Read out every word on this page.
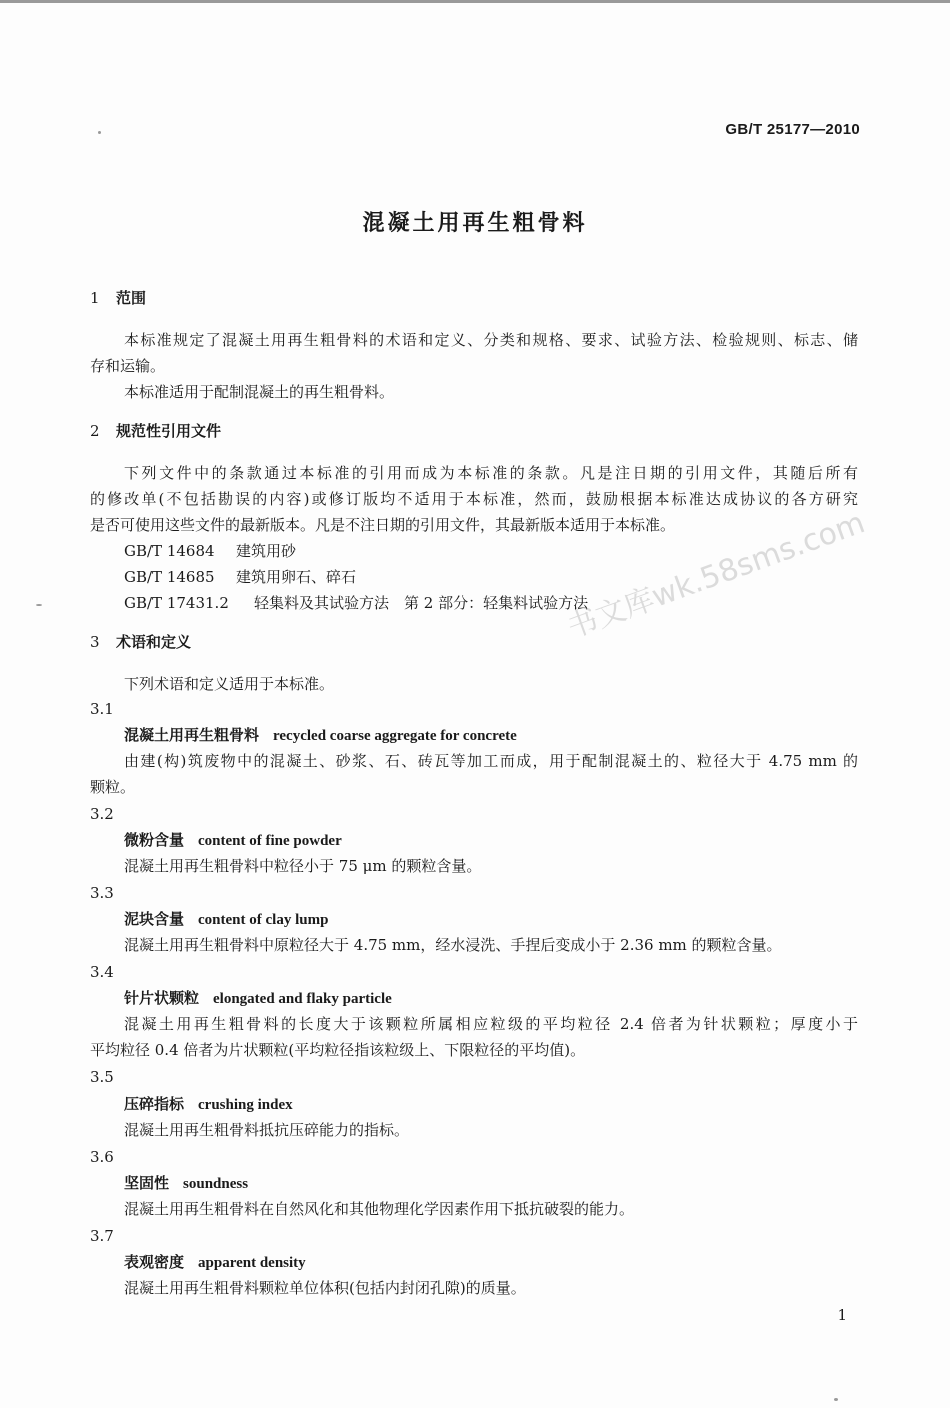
GB/T 25177—2010
混凝土用再生粗骨料
1 范围
本标准规定了混凝土用再生粗骨料的术语和定义、分类和规格、要求、试验方法、检验规则、标志、储
存和运输。
本标准适用于配制混凝土的再生粗骨料。
2 规范性引用文件
下列文件中的条款通过本标准的引用而成为本标准的条款。凡是注日期的引用文件，其随后所有
的修改单(不包括勘误的内容)或修订版均不适用于本标准，然而，鼓励根据本标准达成协议的各方研究
是否可使用这些文件的最新版本。凡是不注日期的引用文件，其最新版本适用于本标准。
GB/T 14684 建筑用砂
GB/T 14685 建筑用卵石、碎石
GB/T 17431.2 轻集料及其试验方法　第 2 部分：轻集料试验方法
3 术语和定义
下列术语和定义适用于本标准。
3.1
混凝土用再生粗骨料 recycled coarse aggregate for concrete
由建(构)筑废物中的混凝土、砂浆、石、砖瓦等加工而成，用于配制混凝土的、粒径大于 4.75 mm 的
颗粒。
3.2
微粉含量 content of fine powder
混凝土用再生粗骨料中粒径小于 75 μm 的颗粒含量。
3.3
泥块含量 content of clay lump
混凝土用再生粗骨料中原粒径大于 4.75 mm，经水浸洗、手捏后变成小于 2.36 mm 的颗粒含量。
3.4
针片状颗粒 elongated and flaky particle
混凝土用再生粗骨料的长度大于该颗粒所属相应粒级的平均粒径 2.4 倍者为针状颗粒；厚度小于
平均粒径 0.4 倍者为片状颗粒(平均粒径指该粒级上、下限粒径的平均值)。
3.5
压碎指标 crushing index
混凝土用再生粗骨料抵抗压碎能力的指标。
3.6
坚固性 soundness
混凝土用再生粗骨料在自然风化和其他物理化学因素作用下抵抗破裂的能力。
3.7
表观密度 apparent density
混凝土用再生粗骨料颗粒单位体积(包括内封闭孔隙)的质量。
书文库wk.58sms.com
1
